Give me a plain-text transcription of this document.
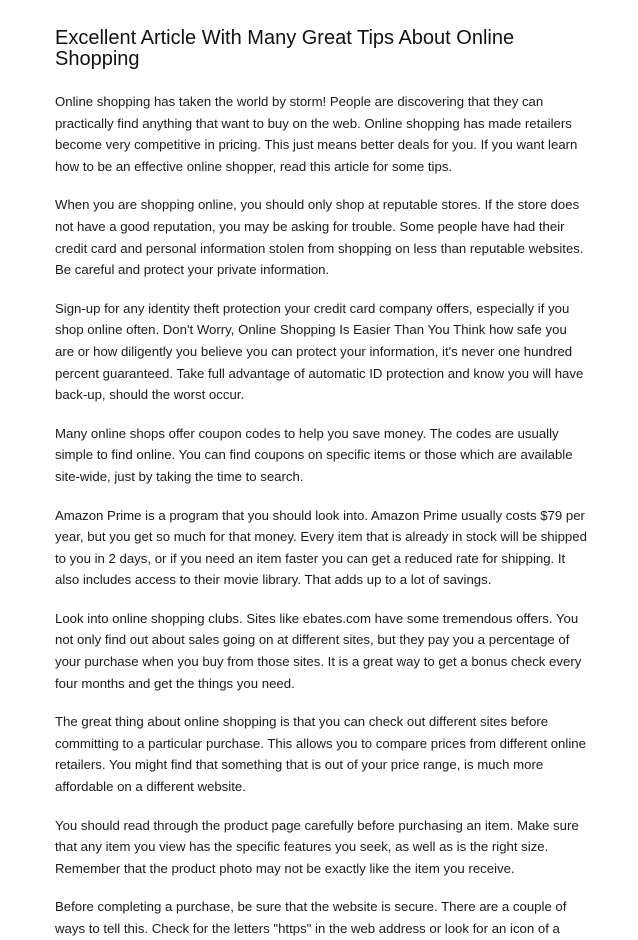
Excellent Article With Many Great Tips About Online Shopping

Online shopping has taken the world by storm! People are discovering that they can practically find anything that want to buy on the web. Online shopping has made retailers become very competitive in pricing. This just means better deals for you. If you want learn how to be an effective online shopper, read this article for some tips.

When you are shopping online, you should only shop at reputable stores. If the store does not have a good reputation, you may be asking for trouble. Some people have had their credit card and personal information stolen from shopping on less than reputable websites. Be careful and protect your private information.

Sign-up for any identity theft protection your credit card company offers, especially if you shop online often. Don't Worry, Online Shopping Is Easier Than You Think how safe you are or how diligently you believe you can protect your information, it's never one hundred percent guaranteed. Take full advantage of automatic ID protection and know you will have back-up, should the worst occur.

Many online shops offer coupon codes to help you save money. The codes are usually simple to find online. You can find coupons on specific items or those which are available site-wide, just by taking the time to search.

Amazon Prime is a program that you should look into. Amazon Prime usually costs $79 per year, but you get so much for that money. Every item that is already in stock will be shipped to you in 2 days, or if you need an item faster you can get a reduced rate for shipping. It also includes access to their movie library. That adds up to a lot of savings.

Look into online shopping clubs. Sites like ebates.com have some tremendous offers. You not only find out about sales going on at different sites, but they pay you a percentage of your purchase when you buy from those sites. It is a great way to get a bonus check every four months and get the things you need.

The great thing about online shopping is that you can check out different sites before committing to a particular purchase. This allows you to compare prices from different online retailers. You might find that something that is out of your price range, is much more affordable on a different website.

You should read through the product page carefully before purchasing an item. Make sure that any item you view has the specific features you seek, as well as is the right size. Remember that the product photo may not be exactly like the item you receive.

Before completing a purchase, be sure that the website is secure. There are a couple of ways to tell this. Check for the letters "https" in the web address or look for an icon of a
